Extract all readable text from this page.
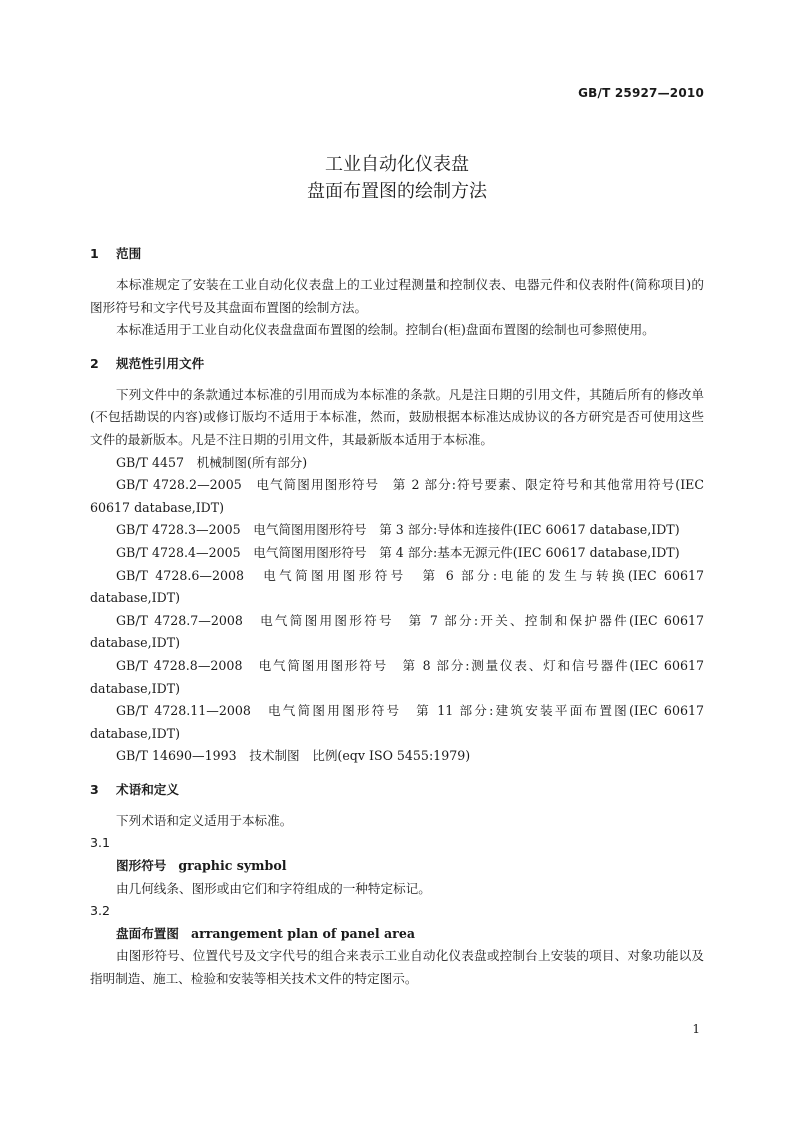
GB/T 25927—2010
工业自动化仪表盘
盘面布置图的绘制方法
1 范围

本标准规定了安装在工业自动化仪表盘上的工业过程测量和控制仪表、电器元件和仪表附件(简称项目)的图形符号和文字代号及其盘面布置图的绘制方法。

本标准适用于工业自动化仪表盘盘面布置图的绘制。控制台(柜)盘面布置图的绘制也可参照使用。

2 规范性引用文件

下列文件中的条款通过本标准的引用而成为本标准的条款。凡是注日期的引用文件，其随后所有的修改单(不包括勘误的内容)或修订版均不适用于本标准，然而，鼓励根据本标准达成协议的各方研究是否可使用这些文件的最新版本。凡是不注日期的引用文件，其最新版本适用于本标准。

GB/T 4457　机械制图(所有部分)

GB/T 4728.2—2005　电气简图用图形符号　第 2 部分:符号要素、限定符号和其他常用符号(IEC 60617 database,IDT)

GB/T 4728.3—2005　电气简图用图形符号　第 3 部分:导体和连接件(IEC 60617 database,IDT)

GB/T 4728.4—2005　电气简图用图形符号　第 4 部分:基本无源元件(IEC 60617 database,IDT)

GB/T 4728.6—2008　电气简图用图形符号　第 6 部分:电能的发生与转换(IEC 60617 database,IDT)

GB/T 4728.7—2008　电气简图用图形符号　第 7 部分:开关、控制和保护器件(IEC 60617 database,IDT)

GB/T 4728.8—2008　电气简图用图形符号　第 8 部分:测量仪表、灯和信号器件(IEC 60617 database,IDT)

GB/T 4728.11—2008　电气简图用图形符号　第 11 部分:建筑安装平面布置图(IEC 60617 database,IDT)

GB/T 14690—1993　技术制图　比例(eqv ISO 5455:1979)

3 术语和定义

下列术语和定义适用于本标准。

3.1
图形符号 graphic symbol

由几何线条、图形或由它们和字符组成的一种特定标记。

3.2
盘面布置图 arrangement plan of panel area

由图形符号、位置代号及文字代号的组合来表示工业自动化仪表盘或控制台上安装的项目、对象功能以及指明制造、施工、检验和安装等相关技术文件的特定图示。

1
